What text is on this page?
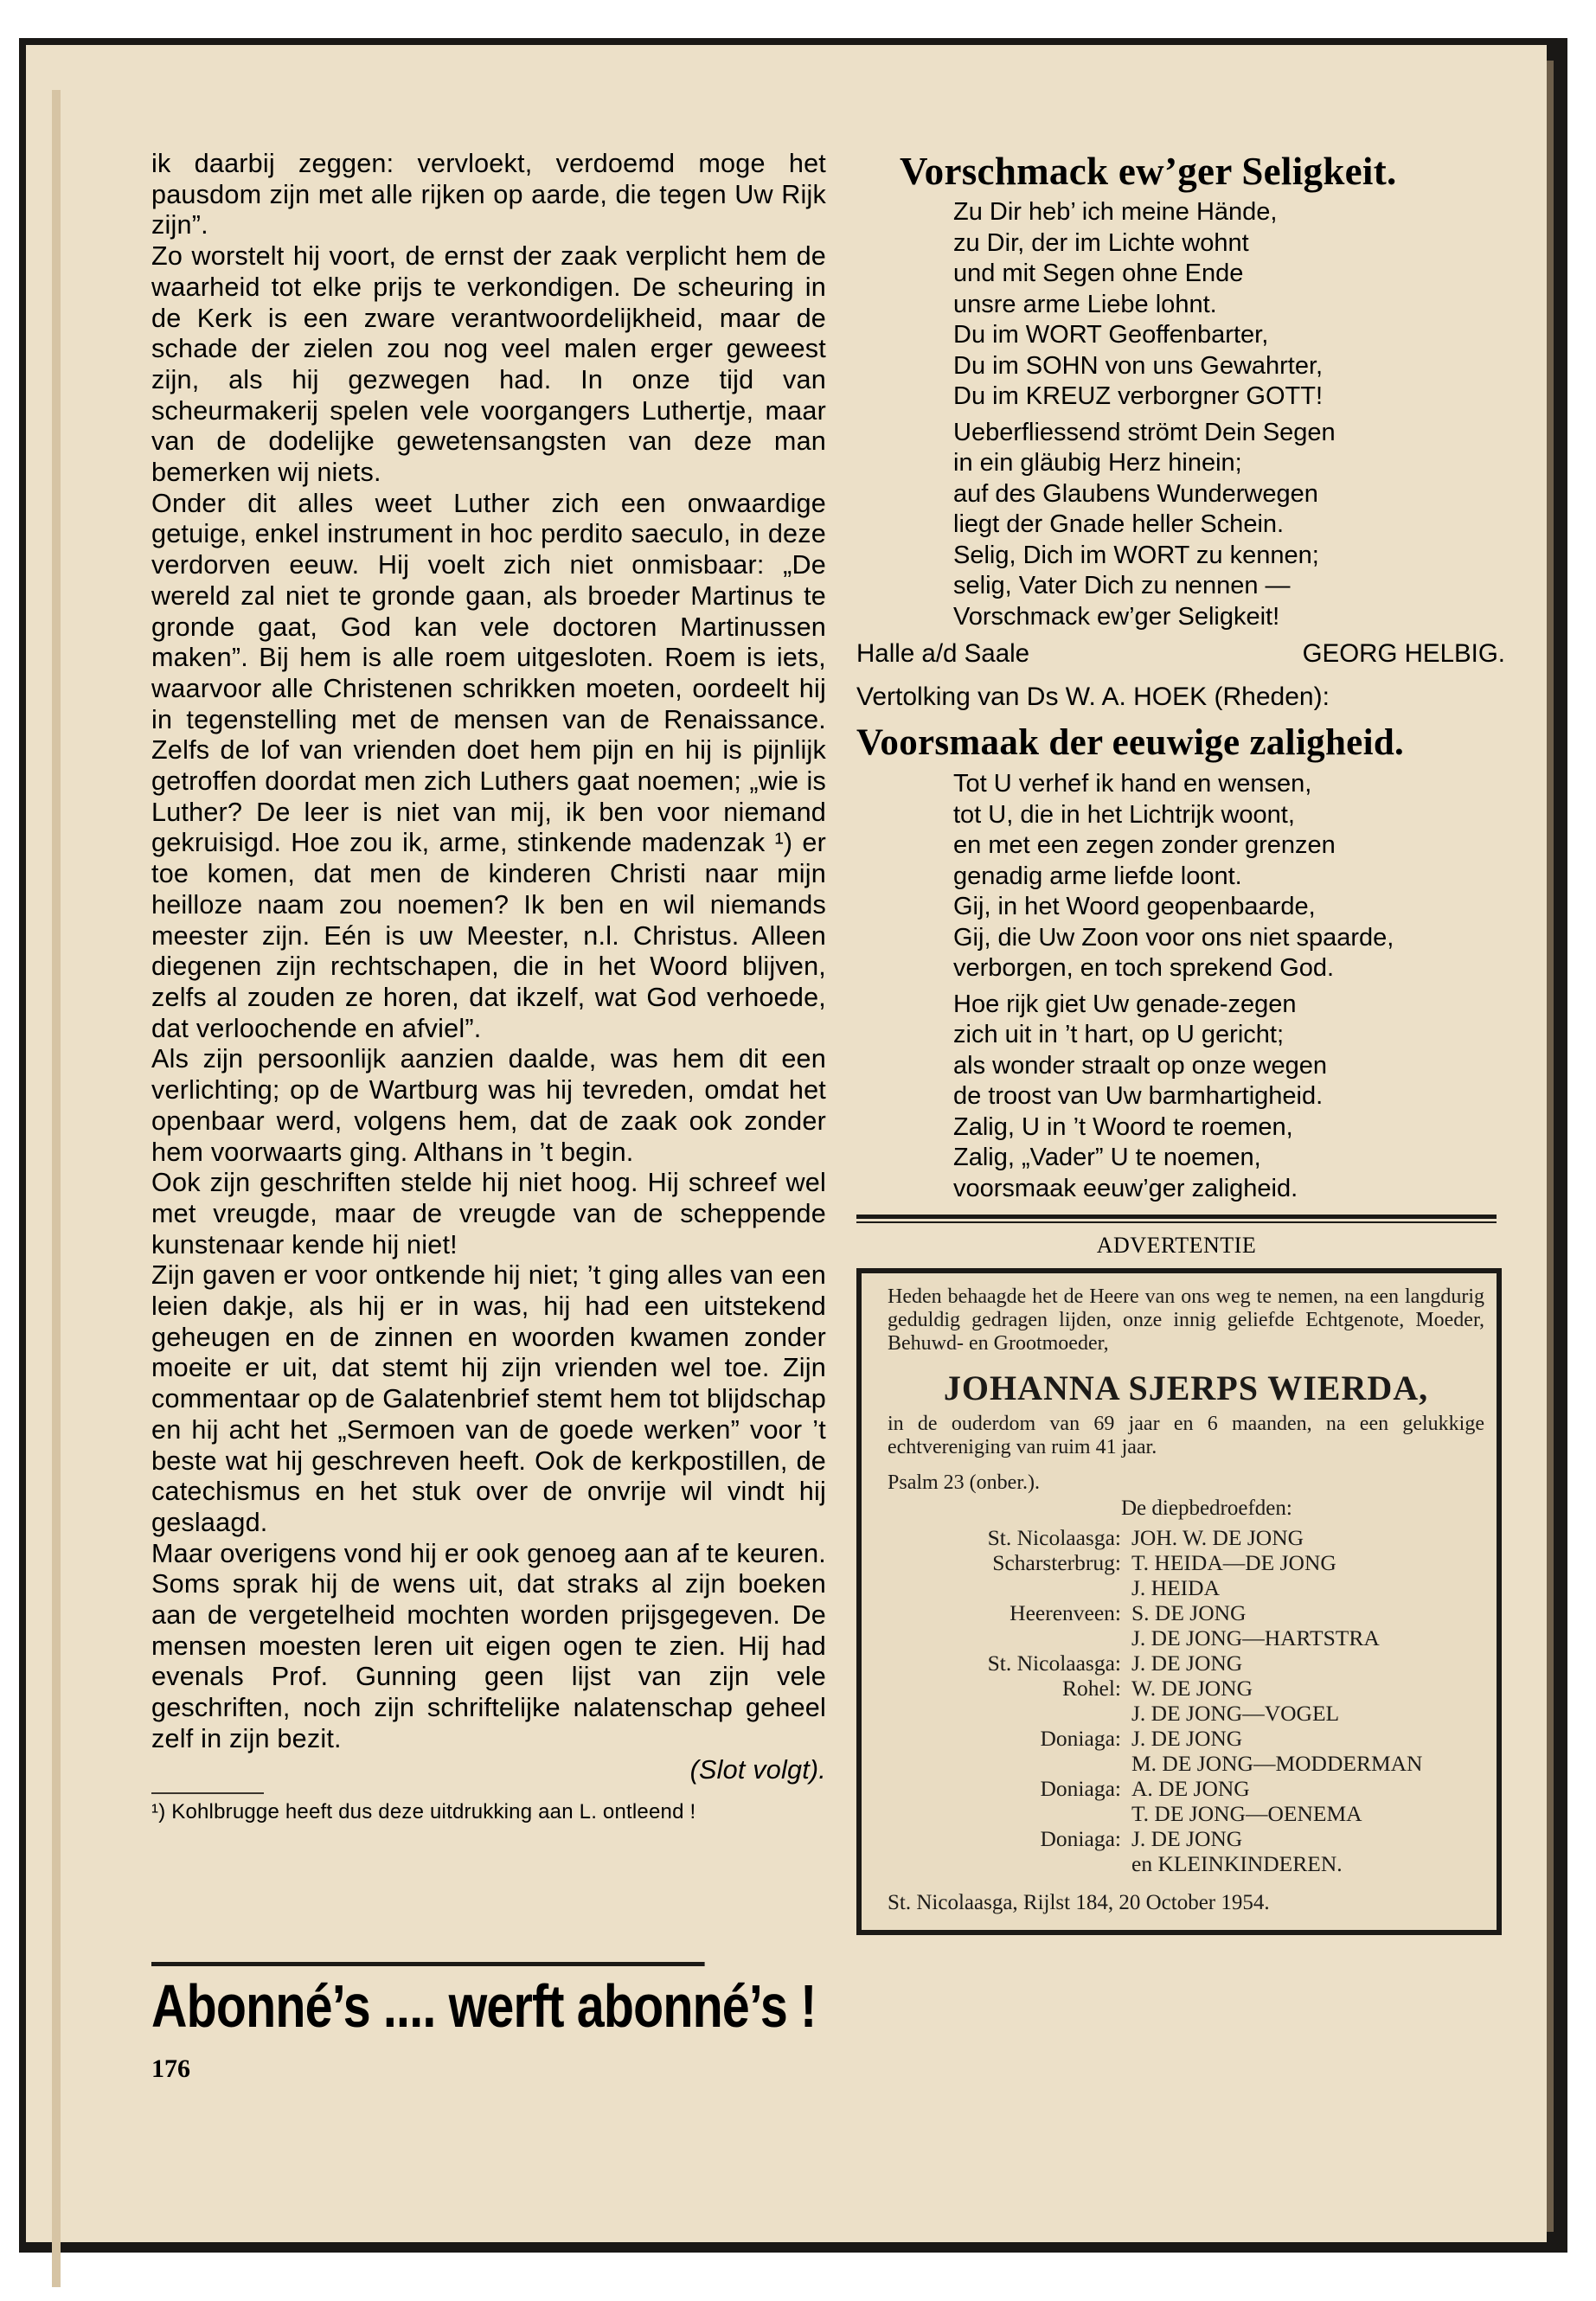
ik daarbij zeggen: vervloekt, verdoemd moge het pausdom zijn met alle rijken op aarde, die tegen Uw Rijk zijn”.

Zo worstelt hij voort, de ernst der zaak verplicht hem de waarheid tot elke prijs te verkondigen. De scheuring in de Kerk is een zware verantwoordelijkheid, maar de schade der zielen zou nog veel malen erger geweest zijn, als hij gezwegen had. In onze tijd van scheurmakerij spelen vele voorgangers Luthertje, maar van de dodelijke gewetensangsten van deze man bemerken wij niets.

Onder dit alles weet Luther zich een onwaardige getuige, enkel instrument in hoc perdito saeculo, in deze verdorven eeuw. Hij voelt zich niet onmisbaar: „De wereld zal niet te gronde gaan, als broeder Martinus te gronde gaat, God kan vele doctoren Martinussen maken”. Bij hem is alle roem uitgesloten. Roem is iets, waarvoor alle Christenen schrikken moeten, oordeelt hij in tegenstelling met de mensen van de Renaissance. Zelfs de lof van vrienden doet hem pijn en hij is pijnlijk getroffen doordat men zich Luthers gaat noemen; „wie is Luther? De leer is niet van mij, ik ben voor niemand gekruisigd. Hoe zou ik, arme, stinkende madenzak ¹) er toe komen, dat men de kinderen Christi naar mijn heilloze naam zou noemen? Ik ben en wil niemands meester zijn. Eén is uw Meester, n.l. Christus. Alleen diegenen zijn rechtschapen, die in het Woord blijven, zelfs al zouden ze horen, dat ikzelf, wat God verhoede, dat verloochende en afviel”.

Als zijn persoonlijk aanzien daalde, was hem dit een verlichting; op de Wartburg was hij tevreden, omdat het openbaar werd, volgens hem, dat de zaak ook zonder hem voorwaarts ging. Althans in ’t begin.

Ook zijn geschriften stelde hij niet hoog. Hij schreef wel met vreugde, maar de vreugde van de scheppende kunstenaar kende hij niet!

Zijn gaven er voor ontkende hij niet; ’t ging alles van een leien dakje, als hij er in was, hij had een uitstekend geheugen en de zinnen en woorden kwamen zonder moeite er uit, dat stemt hij zijn vrienden wel toe. Zijn commentaar op de Galatenbrief stemt hem tot blijdschap en hij acht het „Sermoen van de goede werken” voor ’t beste wat hij geschreven heeft. Ook de kerkpostillen, de catechismus en het stuk over de onvrije wil vindt hij geslaagd.

Maar overigens vond hij er ook genoeg aan af te keuren. Soms sprak hij de wens uit, dat straks al zijn boeken aan de vergetelheid mochten worden prijsgegeven. De mensen moesten leren uit eigen ogen te zien. Hij had evenals Prof. Gunning geen lijst van zijn vele geschriften, noch zijn schriftelijke nalatenschap geheel zelf in zijn bezit.

(Slot volgt).

¹) Kohlbrugge heeft dus deze uitdrukking aan L. ontleend !

Abonné’s .... werft abonné’s !
176
Vorschmack ew’ger Seligkeit.
Zu Dir heb’ ich meine Hände,
zu Dir, der im Lichte wohnt
und mit Segen ohne Ende
unsre arme Liebe lohnt.
Du im WORT Geoffenbarter,
Du im SOHN von uns Gewahrter,
Du im KREUZ verborgner GOTT!
Ueberfliessend strömt Dein Segen
in ein gläubig Herz hinein;
auf des Glaubens Wunderwegen
liegt der Gnade heller Schein.
Selig, Dich im WORT zu kennen;
selig, Vater Dich zu nennen —
Vorschmack ew’ger Seligkeit!
Halle a/d Saale	GEORG HELBIG.
Vertolking van Ds W. A. HOEK (Rheden):
Voorsmaak der eeuwige zaligheid.
Tot U verhef ik hand en wensen,
tot U, die in het Lichtrijk woont,
en met een zegen zonder grenzen
genadig arme liefde loont.
Gij, in het Woord geopenbaarde,
Gij, die Uw Zoon voor ons niet spaarde,
verborgen, en toch sprekend God.
Hoe rijk giet Uw genade-zegen
zich uit in ’t hart, op U gericht;
als wonder straalt op onze wegen
de troost van Uw barmhartigheid.
Zalig, U in ’t Woord te roemen,
Zalig, „Vader” U te noemen,
voorsmaak eeuw’ger zaligheid.
ADVERTENTIE
Heden behaagde het de Heere van ons weg te nemen, na een langdurig geduldig gedragen lijden, onze innig geliefde Echtgenote, Moeder, Behuwd- en Grootmoeder,
JOHANNA SJERPS WIERDA,
in de ouderdom van 69 jaar en 6 maanden, na een gelukkige echtvereniging van ruim 41 jaar.
Psalm 23 (onber.).
De diepbedroefden:
St. Nicolaasga:	JOH. W. DE JONG

Scharsterbrug:	T. HEIDA—DE JONG
J. HEIDA

Heerenveen:	S. DE JONG
J. DE JONG—HARTSTRA

St. Nicolaasga:	J. DE JONG

Rohel:	W. DE JONG
J. DE JONG—VOGEL

Doniaga:	J. DE JONG
M. DE JONG—MODDERMAN

Doniaga:	A. DE JONG
T. DE JONG—OENEMA

Doniaga:	J. DE JONG
en KLEINKINDEREN.
St. Nicolaasga, Rijlst 184, 20 October 1954.
